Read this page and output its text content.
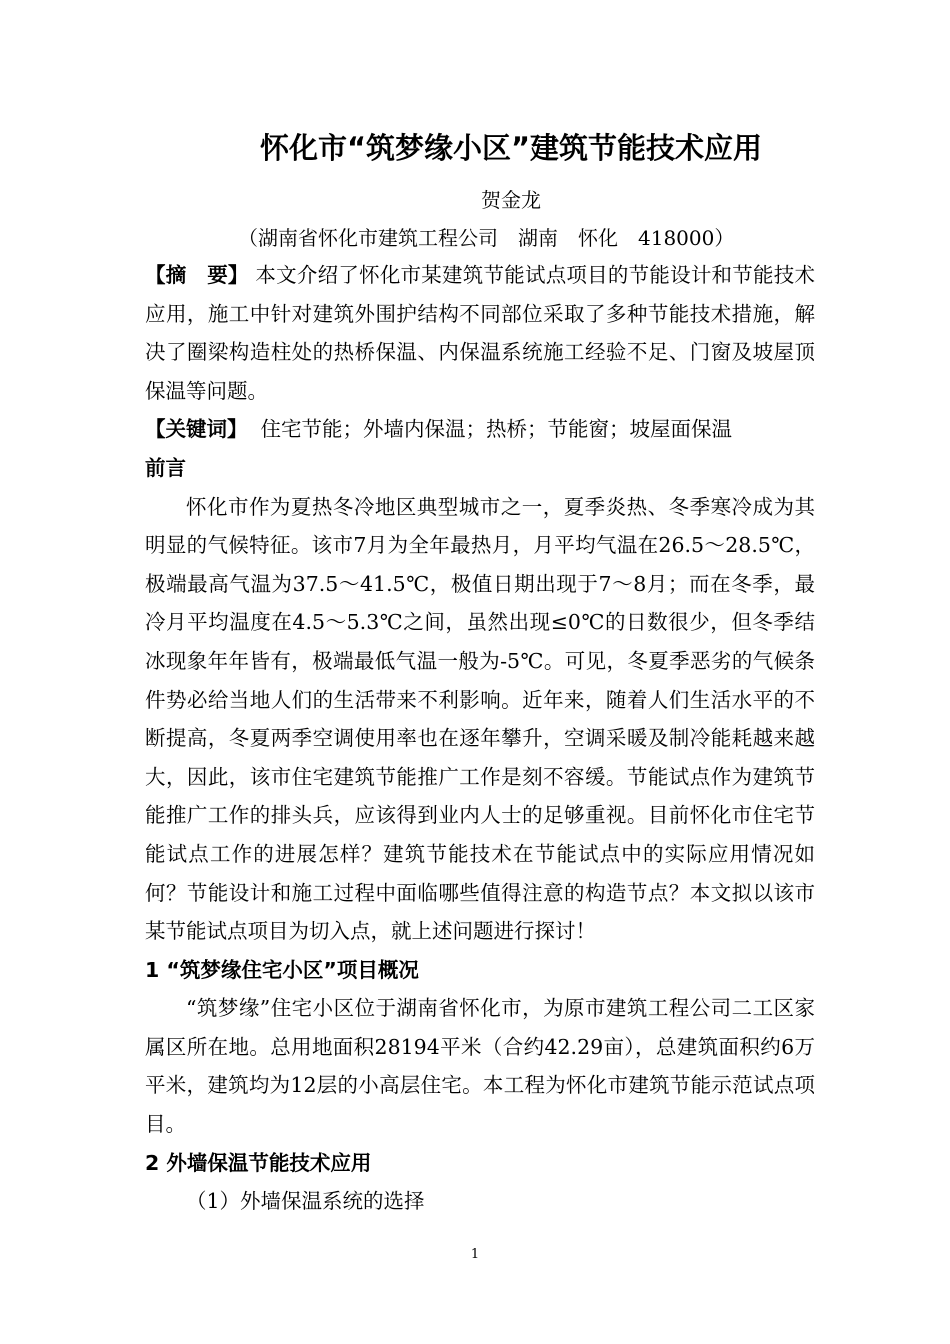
怀化市“筑梦缘小区”建筑节能技术应用
贺金龙
（湖南省怀化市建筑工程公司　湖南　怀化　418000）

【摘　要】 本文介绍了怀化市某建筑节能试点项目的节能设计和节能技术应用，施工中针对建筑外围护结构不同部位采取了多种节能技术措施，解决了圈梁构造柱处的热桥保温、内保温系统施工经验不足、门窗及坡屋顶保温等问题。

【关键词】 住宅节能；外墙内保温；热桥；节能窗；坡屋面保温

前言

怀化市作为夏热冬冷地区典型城市之一，夏季炎热、冬季寒冷成为其明显的气候特征。该市7月为全年最热月，月平均气温在26.5～28.5℃，极端最高气温为37.5～41.5℃，极值日期出现于7～8月；而在冬季，最冷月平均温度在4.5～5.3℃之间，虽然出现≤0℃的日数很少，但冬季结冰现象年年皆有，极端最低气温一般为-5℃。可见，冬夏季恶劣的气候条件势必给当地人们的生活带来不利影响。近年来，随着人们生活水平的不断提高，冬夏两季空调使用率也在逐年攀升，空调采暖及制冷能耗越来越大，因此，该市住宅建筑节能推广工作是刻不容缓。节能试点作为建筑节能推广工作的排头兵，应该得到业内人士的足够重视。目前怀化市住宅节能试点工作的进展怎样？建筑节能技术在节能试点中的实际应用情况如何？节能设计和施工过程中面临哪些值得注意的构造节点？本文拟以该市某节能试点项目为切入点，就上述问题进行探讨！

1 “筑梦缘住宅小区”项目概况

“筑梦缘”住宅小区位于湖南省怀化市，为原市建筑工程公司二工区家属区所在地。总用地面积28194平米（合约42.29亩），总建筑面积约6万平米，建筑均为12层的小高层住宅。本工程为怀化市建筑节能示范试点项目。

2 外墙保温节能技术应用

（1）外墙保温系统的选择

1
